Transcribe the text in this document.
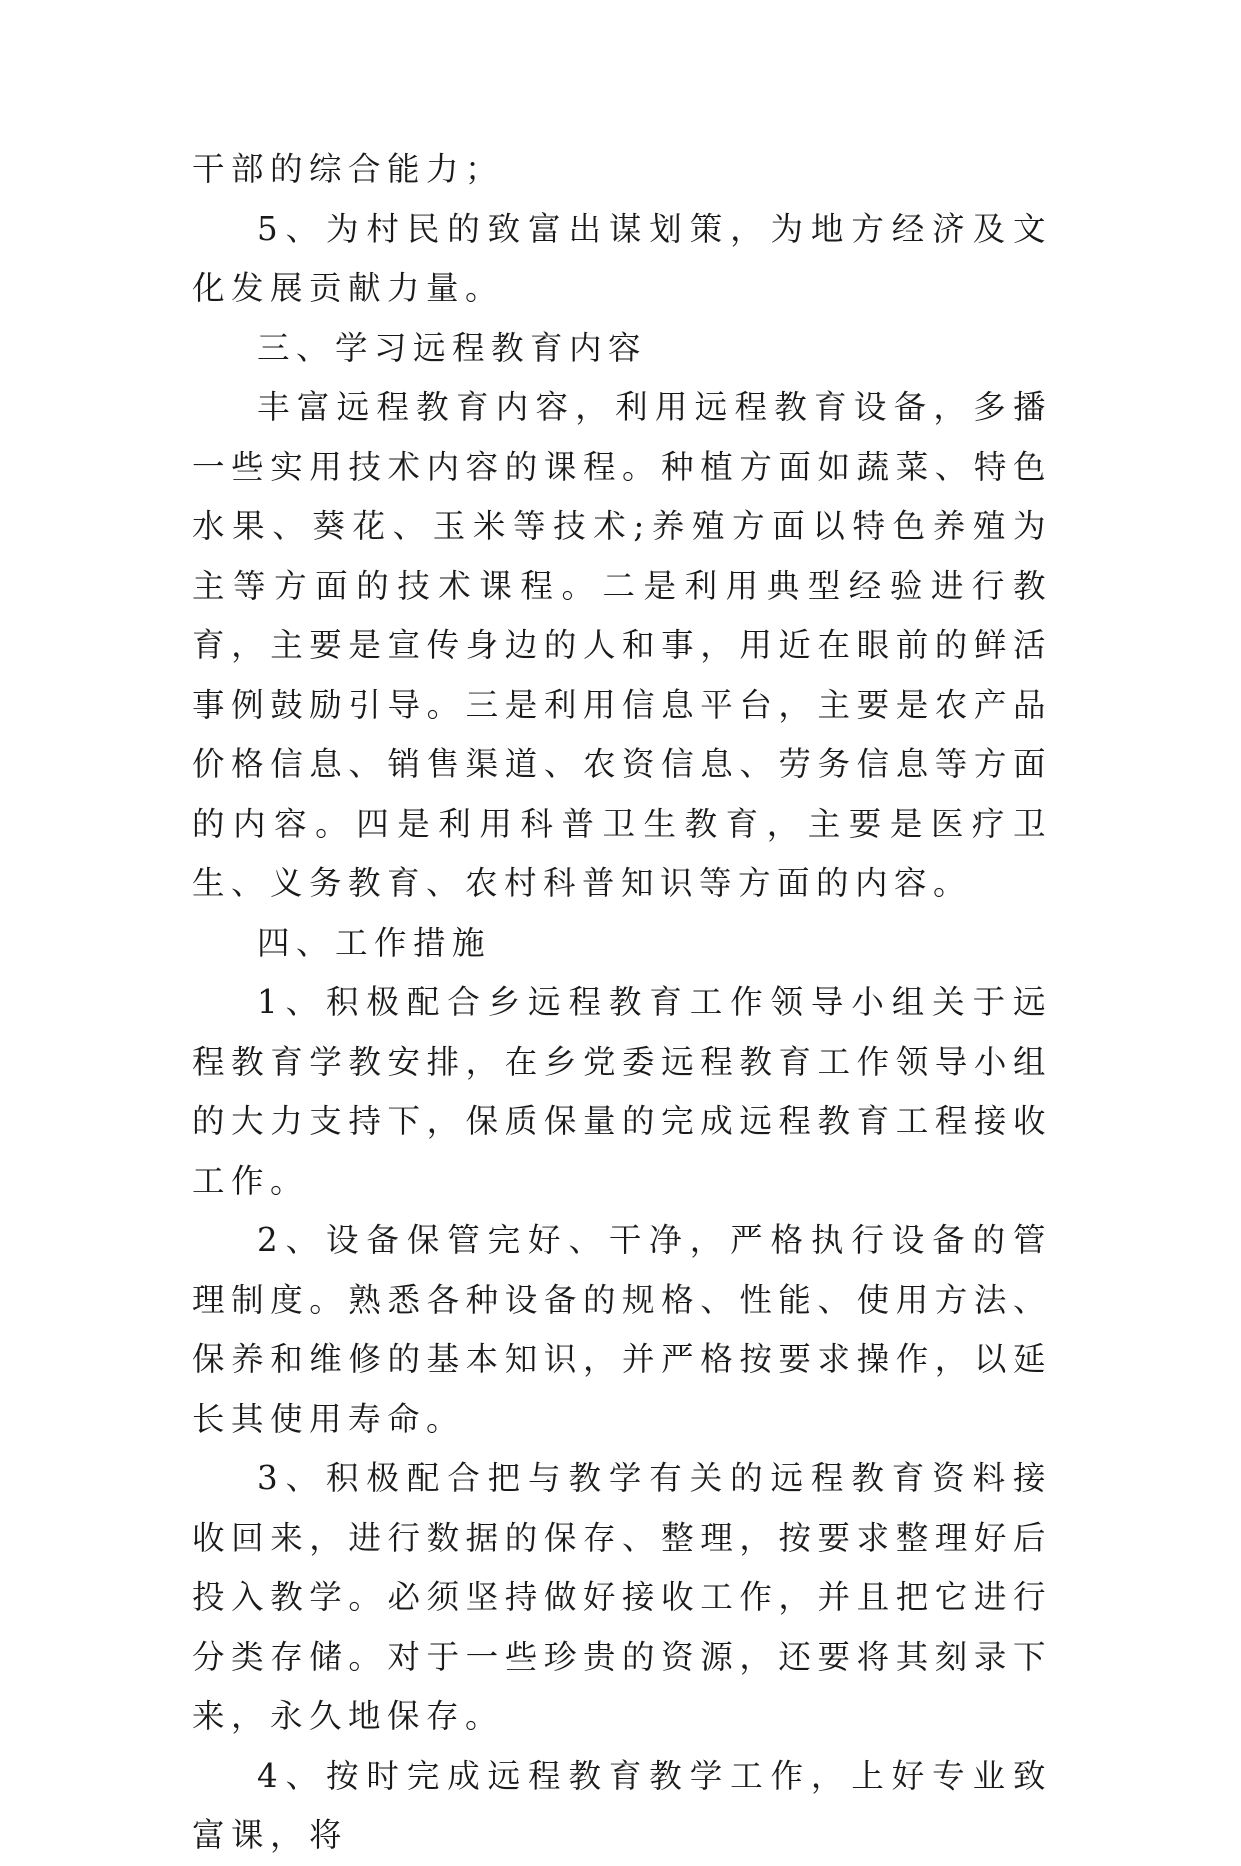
干部的综合能力；

5、为村民的致富出谋划策，为地方经济及文化发展贡献力量。

三、学习远程教育内容

丰富远程教育内容，利用远程教育设备，多播一些实用技术内容的课程。种植方面如蔬菜、特色水果、葵花、玉米等技术;养殖方面以特色养殖为主等方面的技术课程。二是利用典型经验进行教育，主要是宣传身边的人和事，用近在眼前的鲜活事例鼓励引导。三是利用信息平台，主要是农产品价格信息、销售渠道、农资信息、劳务信息等方面的内容。四是利用科普卫生教育，主要是医疗卫生、义务教育、农村科普知识等方面的内容。

四、工作措施

1、积极配合乡远程教育工作领导小组关于远程教育学教安排，在乡党委远程教育工作领导小组的大力支持下，保质保量的完成远程教育工程接收工作。

2、设备保管完好、干净，严格执行设备的管理制度。熟悉各种设备的规格、性能、使用方法、保养和维修的基本知识，并严格按要求操作，以延长其使用寿命。

3、积极配合把与教学有关的远程教育资料接收回来，进行数据的保存、整理，按要求整理好后投入教学。必须坚持做好接收工作，并且把它进行分类存储。对于一些珍贵的资源，还要将其刻录下来，永久地保存。

4、按时完成远程教育教学工作，上好专业致富课，将
